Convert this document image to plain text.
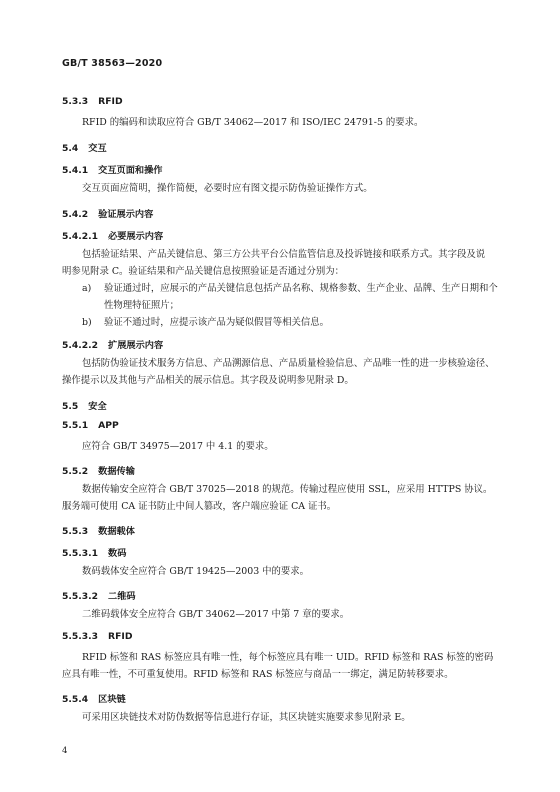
GB/T 38563—2020
5.3.3 RFID
RFID 的编码和读取应符合 GB/T 34062—2017 和 ISO/IEC 24791-5 的要求。
5.4 交互
5.4.1 交互页面和操作
交互页面应简明，操作简便，必要时应有图文提示防伪验证操作方式。
5.4.2 验证展示内容
5.4.2.1 必要展示内容
包括验证结果、产品关键信息、第三方公共平台公信监管信息及投诉链接和联系方式。其字段及说
明参见附录 C。验证结果和产品关键信息按照验证是否通过分别为：
a) 验证通过时，应展示的产品关键信息包括产品名称、规格参数、生产企业、品牌、生产日期和个
性物理特征照片；
b) 验证不通过时，应提示该产品为疑似假冒等相关信息。
5.4.2.2 扩展展示内容
包括防伪验证技术服务方信息、产品溯源信息、产品质量检验信息、产品唯一性的进一步核验途径、
操作提示以及其他与产品相关的展示信息。其字段及说明参见附录 D。
5.5 安全
5.5.1 APP
应符合 GB/T 34975—2017 中 4.1 的要求。
5.5.2 数据传输
数据传输安全应符合 GB/T 37025—2018 的规范。传输过程应使用 SSL，应采用 HTTPS 协议。
服务端可使用 CA 证书防止中间人篡改，客户端应验证 CA 证书。
5.5.3 数据载体
5.5.3.1 数码
数码载体安全应符合 GB/T 19425—2003 中的要求。
5.5.3.2 二维码
二维码载体安全应符合 GB/T 34062—2017 中第 7 章的要求。
5.5.3.3 RFID
RFID 标签和 RAS 标签应具有唯一性，每个标签应具有唯一 UID。RFID 标签和 RAS 标签的密码
应具有唯一性，不可重复使用。RFID 标签和 RAS 标签应与商品一一绑定，满足防转移要求。
5.5.4 区块链
可采用区块链技术对防伪数据等信息进行存证，其区块链实施要求参见附录 E。
4
